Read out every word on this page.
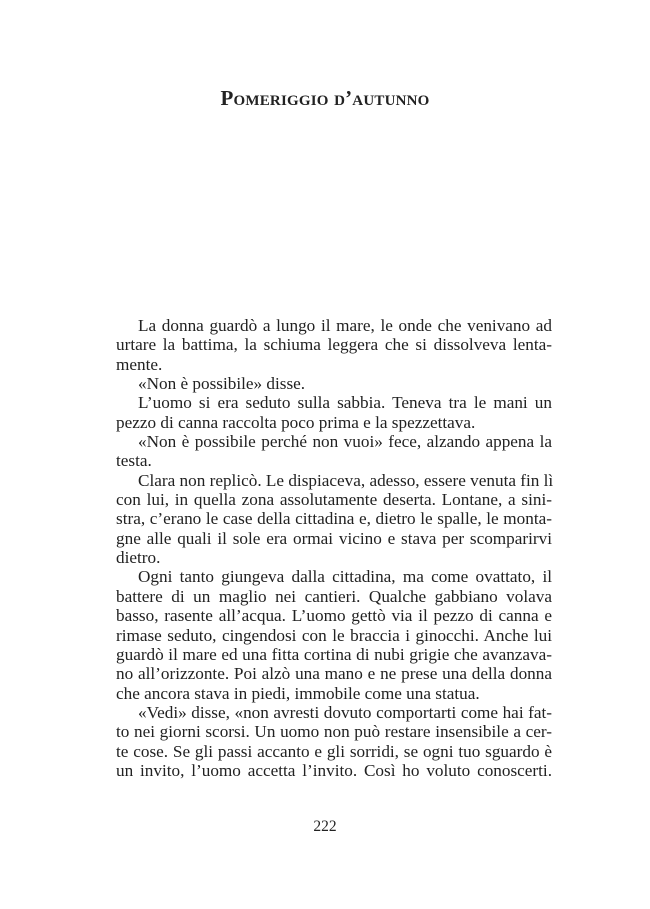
Pomeriggio d’autunno
La donna guardò a lungo il mare, le onde che venivano ad
urtare la battima, la schiuma leggera che si dissolveva lenta-
mente.
«Non è possibile» disse.
L’uomo si era seduto sulla sabbia. Teneva tra le mani un
pezzo di canna raccolta poco prima e la spezzettava.
«Non è possibile perché non vuoi» fece, alzando appena la
testa.
Clara non replicò. Le dispiaceva, adesso, essere venuta fin lì
con lui, in quella zona assolutamente deserta. Lontane, a sini-
stra, c’erano le case della cittadina e, dietro le spalle, le monta-
gne alle quali il sole era ormai vicino e stava per scomparirvi
dietro.
Ogni tanto giungeva dalla cittadina, ma come ovattato, il
battere di un maglio nei cantieri. Qualche gabbiano volava
basso, rasente all’acqua. L’uomo gettò via il pezzo di canna e
rimase seduto, cingendosi con le braccia i ginocchi. Anche lui
guardò il mare ed una fitta cortina di nubi grigie che avanzava-
no all’orizzonte. Poi alzò una mano e ne prese una della donna
che ancora stava in piedi, immobile come una statua.
«Vedi» disse, «non avresti dovuto comportarti come hai fat-
to nei giorni scorsi. Un uomo non può restare insensibile a cer-
te cose. Se gli passi accanto e gli sorridi, se ogni tuo sguardo è
un invito, l’uomo accetta l’invito. Così ho voluto conoscerti.
222
